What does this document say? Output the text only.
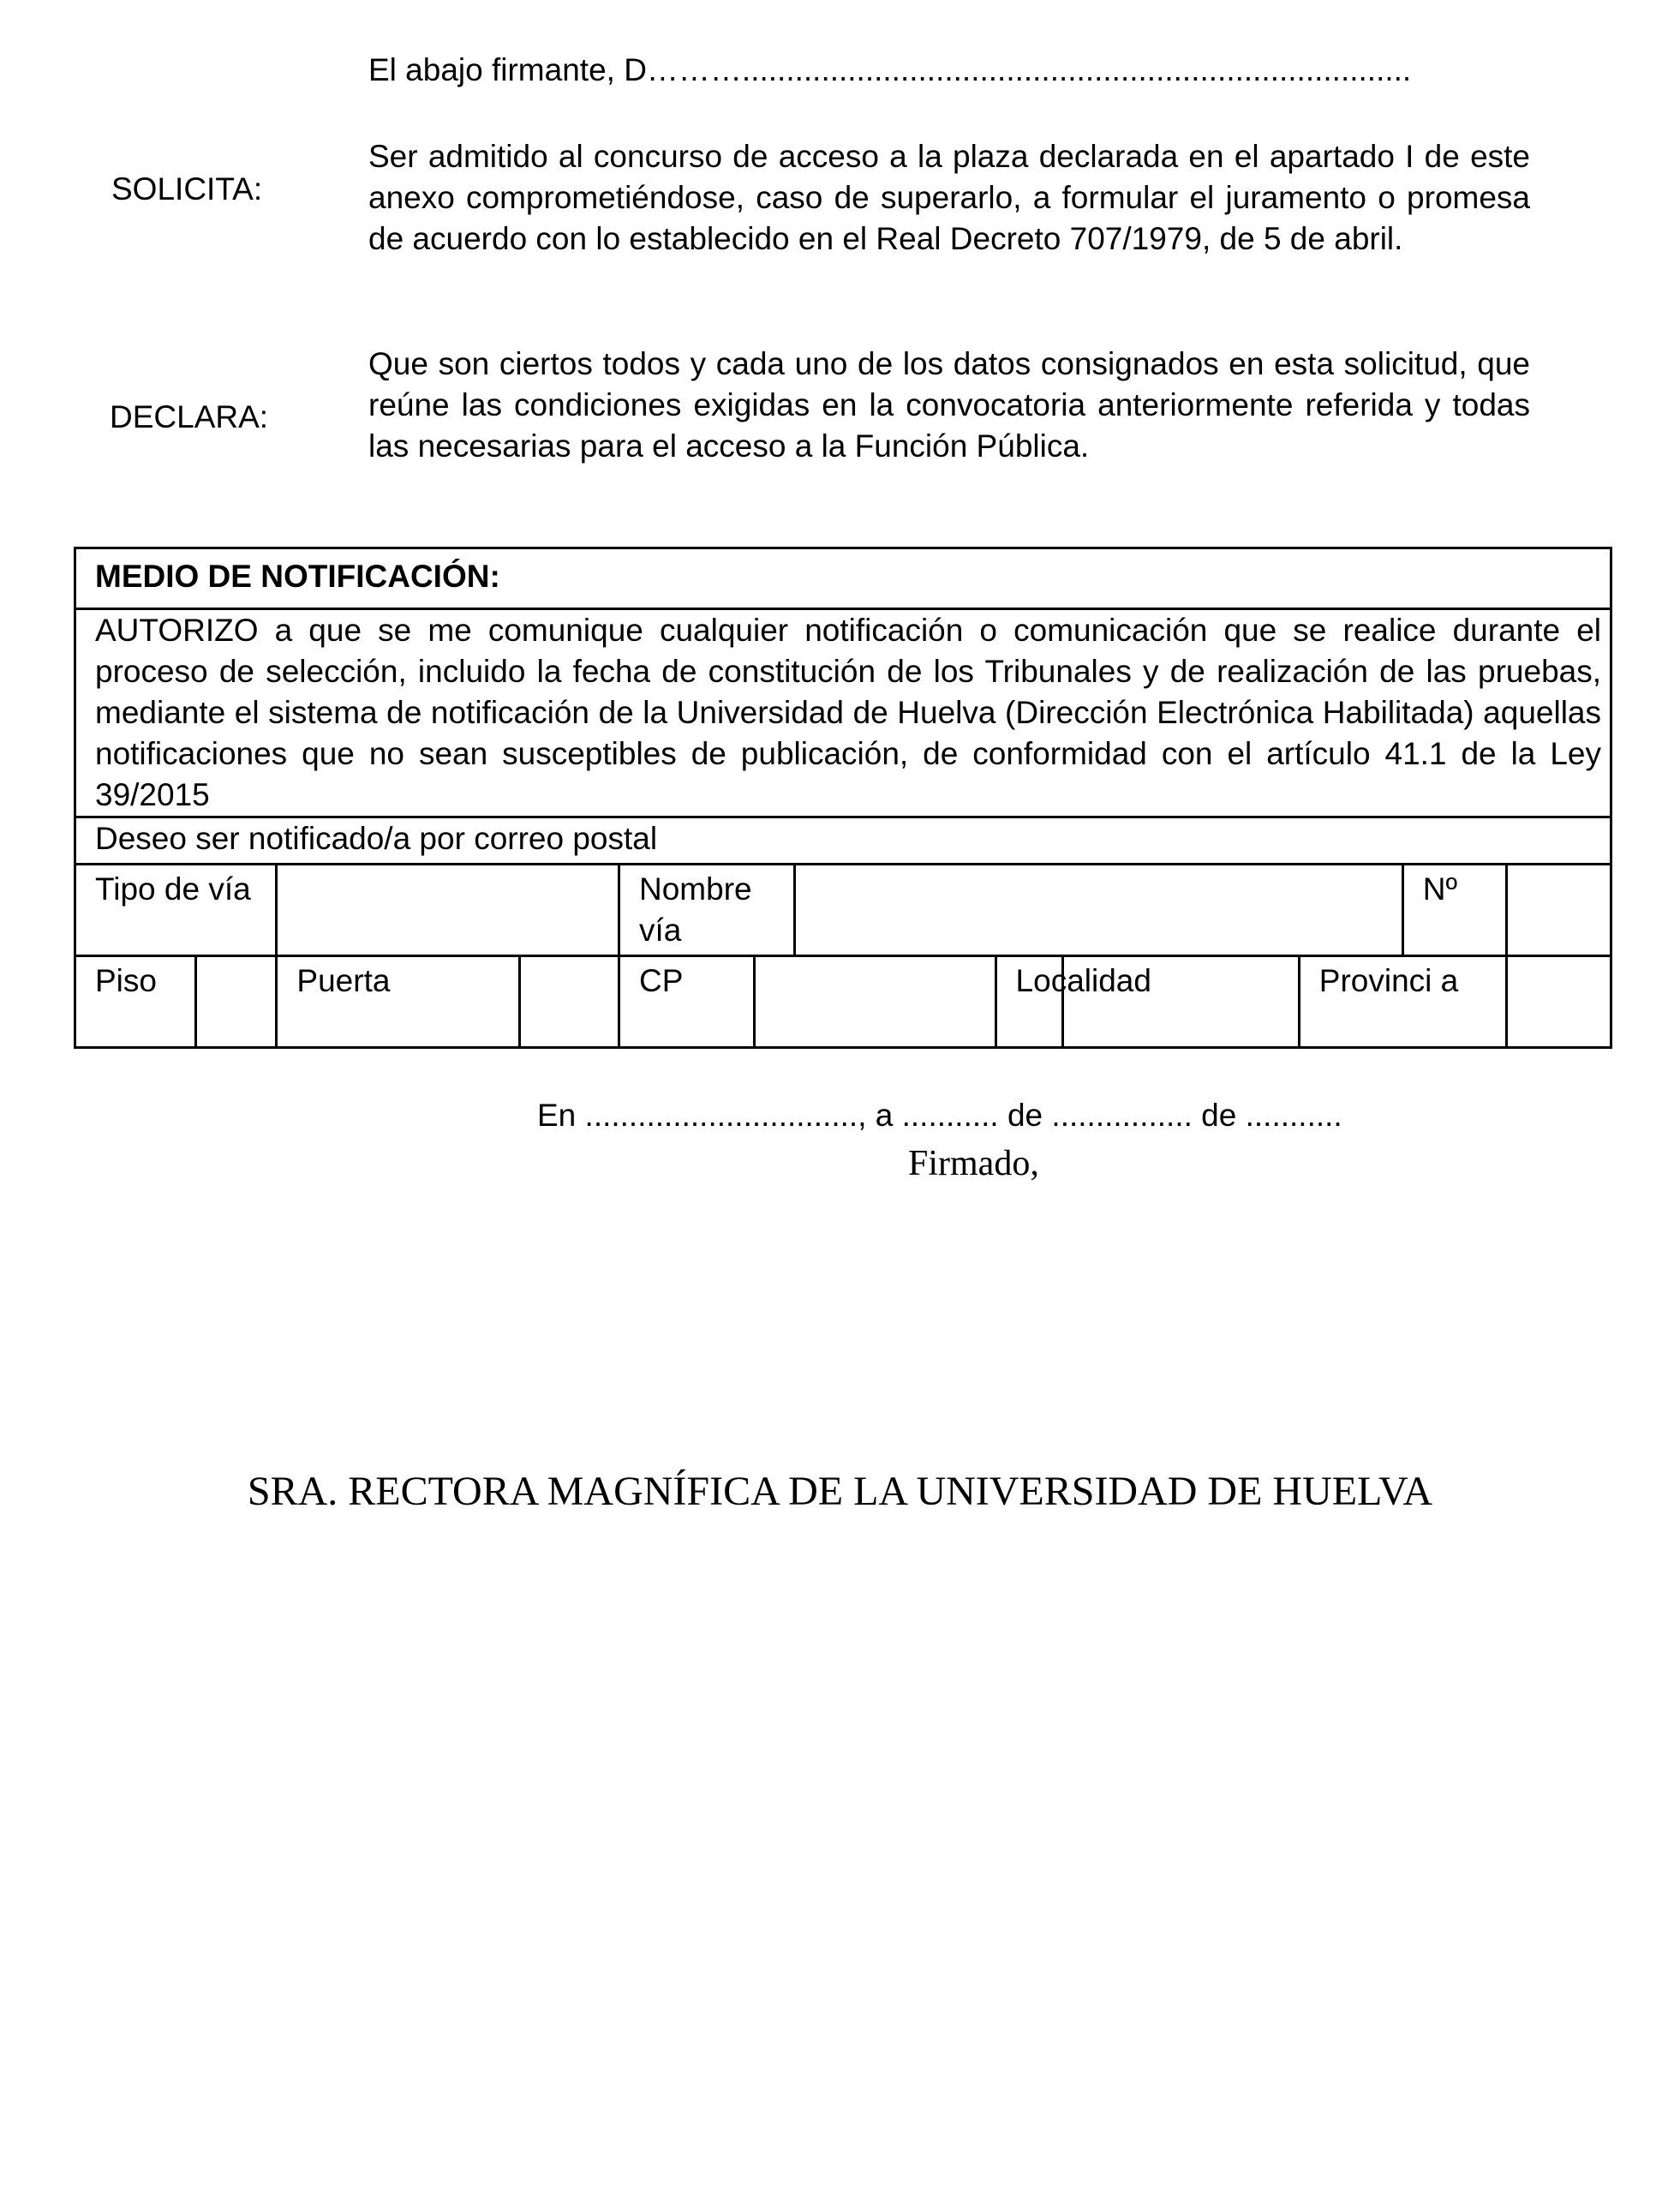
El abajo firmante, D………............................................................................
SOLICITA:
Ser admitido al concurso de acceso a la plaza declarada en el apartado I de este anexo comprometiéndose, caso de superarlo, a formular el juramento o promesa de acuerdo con lo establecido en el Real Decreto 707/1979, de 5 de abril.
DECLARA:
Que son ciertos todos y cada uno de los datos consignados en esta solicitud, que reúne las condiciones exigidas en la convocatoria anteriormente referida y todas las necesarias para el acceso a la Función Pública.
MEDIO DE NOTIFICACIÓN:											
AUTORIZO a que se me comunique cualquier notificación o comunicación que se realice durante el proceso de selección, incluido la fecha de constitución de los Tribunales y de realización de las pruebas, mediante el sistema de notificación de la Universidad de Huelva (Dirección Electrónica Habilitada) aquellas notificaciones que no sean susceptibles de publicación, de conformidad con el artículo 41.1 de la Ley 39/2015											
Deseo ser notificado/a por correo postal											
Tipo de vía				Nombre vía						Nº	
Piso		Puerta		CP			Localidad		Provinci a		
En ..............................., a ........... de ................ de ...........
Firmado,
SRA. RECTORA MAGNÍFICA DE LA UNIVERSIDAD DE HUELVA
